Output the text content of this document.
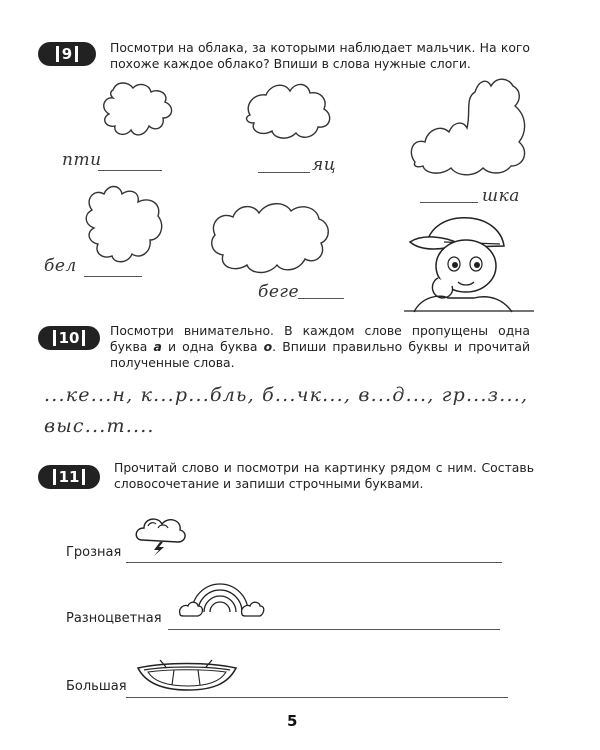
9	Посмотри на облака, за которыми наблюдает мальчик. На кого похоже каждое облако? Впиши в слова нужные слоги.
пти	яц
шка
бел
беге
10 Посмотри внимательно. В каждом слове пропущены одна буква а и одна буква о. Впиши правильно буквы и прочитай полученные слова.
...ке...н, к...р...бль, б...чк..., в...д..., гр...з...,
выс...т....
11
Прочитай слово и посмотри на картинку рядом с ним. Составь словосочетание и запиши строчными буквами.
Грозная
Разноцветная
Большая
5
